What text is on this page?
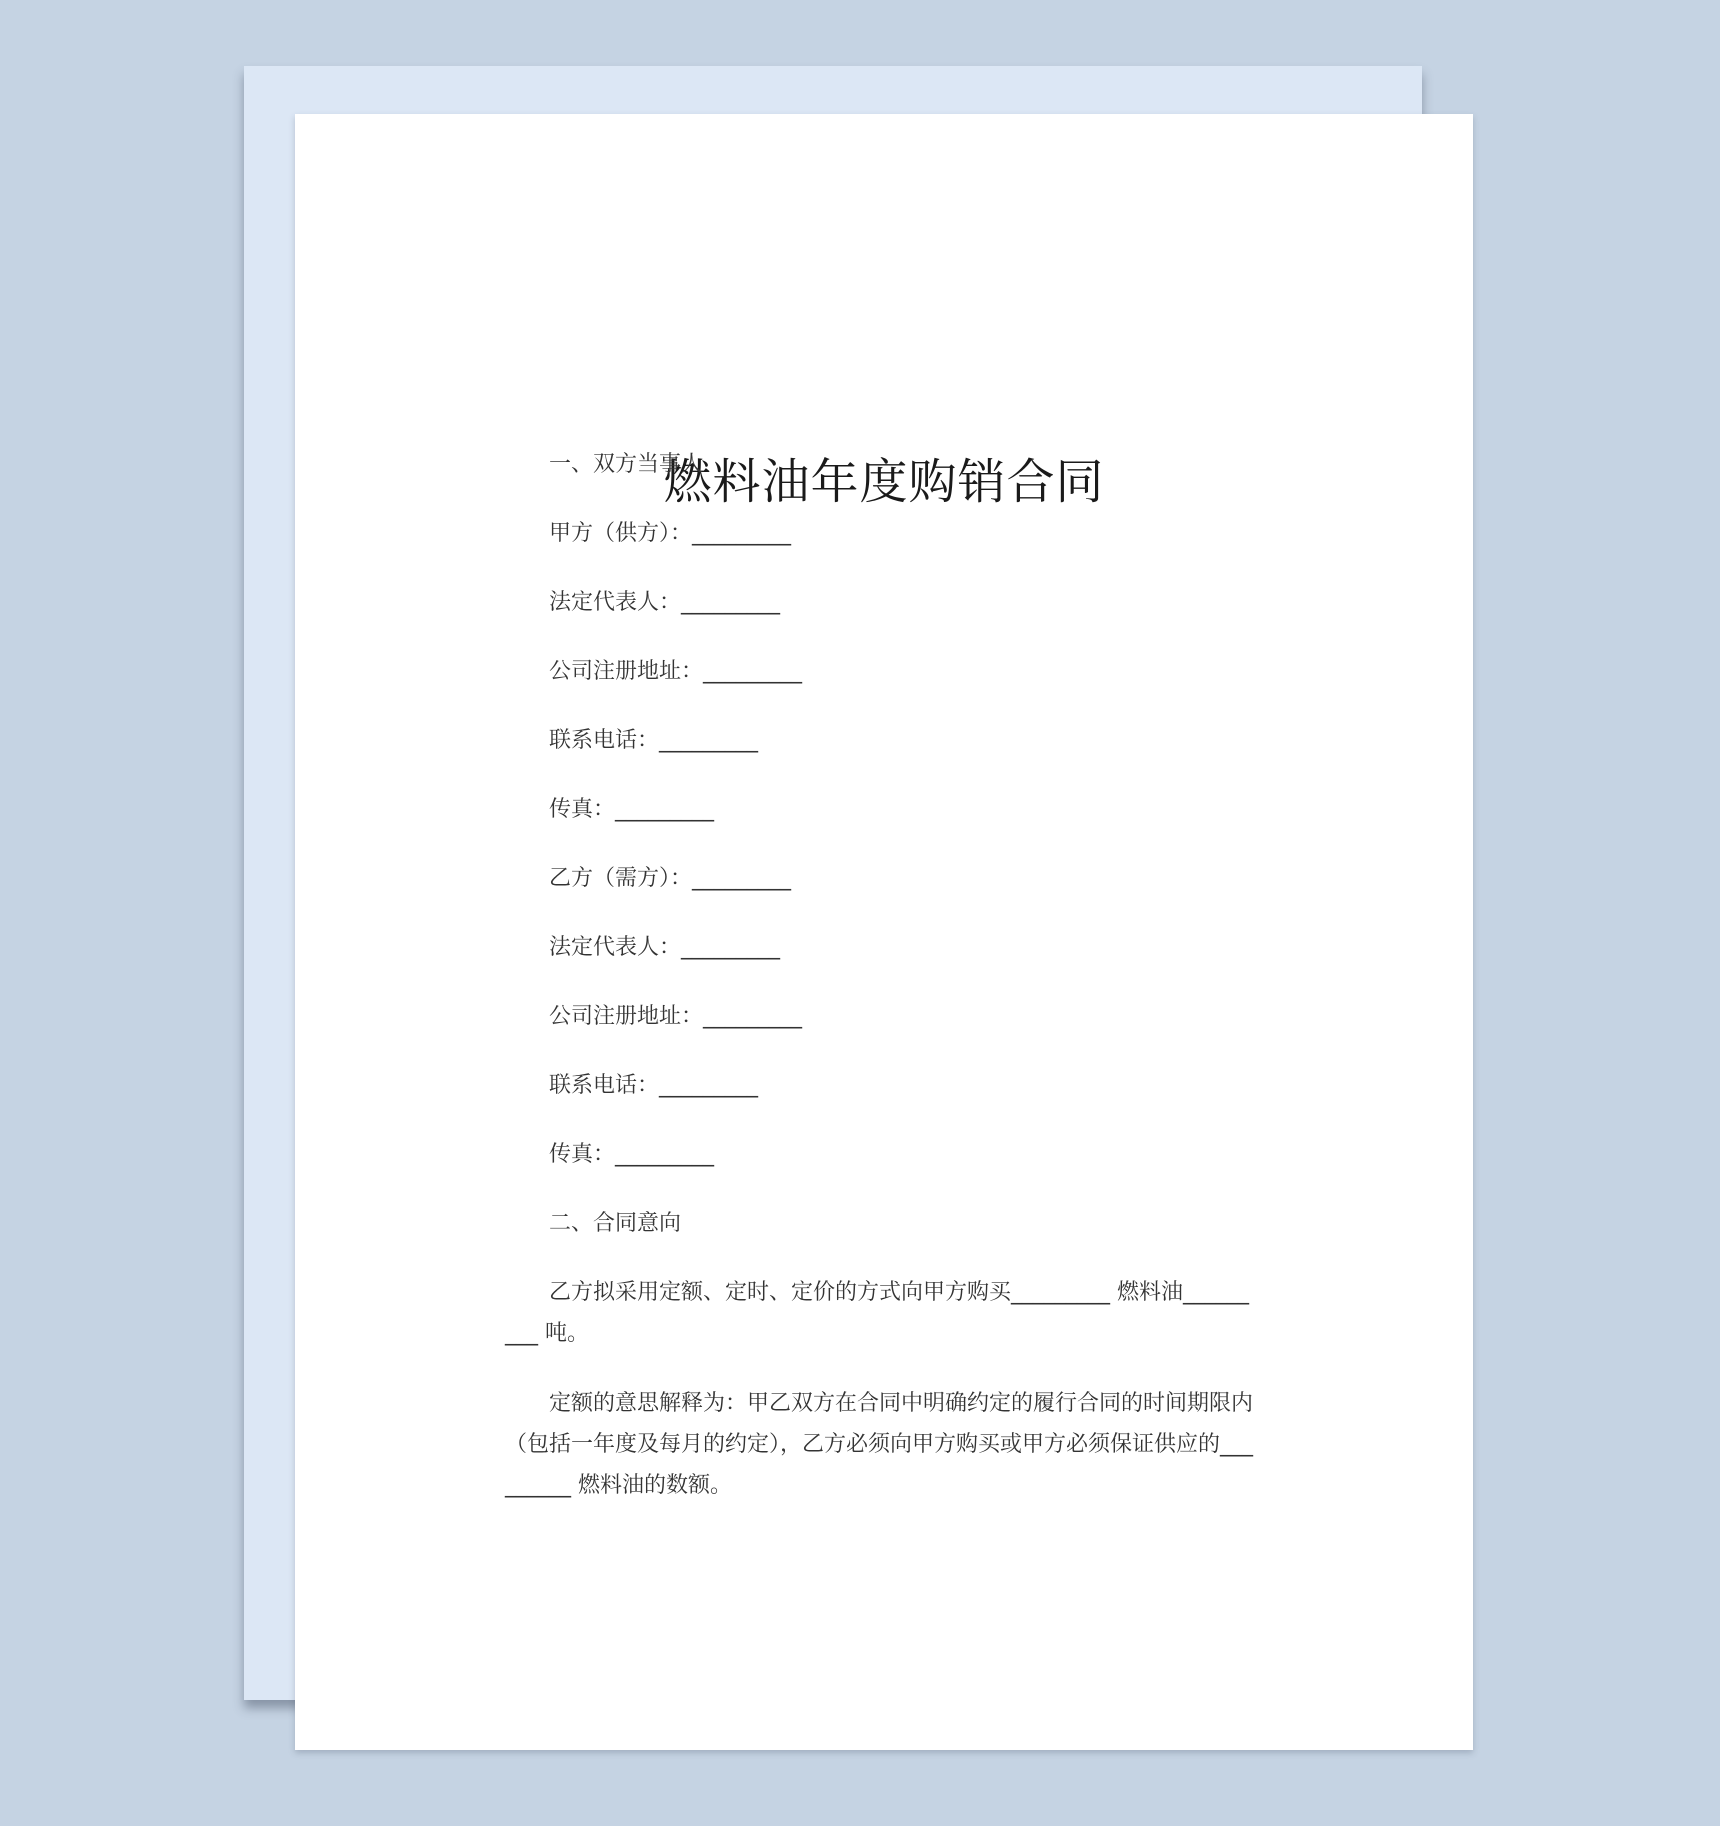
燃料油年度购销合同
一、双方当事人
甲方（供方）：_________
法定代表人：_________
公司注册地址：_________
联系电话：_________
传真：_________
乙方（需方）：_________
法定代表人：_________
公司注册地址：_________
联系电话：_________
传真：_________
二、合同意向

乙方拟采用定额、定时、定价的方式向甲方购买_________ 燃料油_________ 吨。

定额的意思解释为：甲乙双方在合同中明确约定的履行合同的时间期限内（包括一年度及每月的约定），乙方必须向甲方购买或甲方必须保证供应的_________ 燃料油的数额。
